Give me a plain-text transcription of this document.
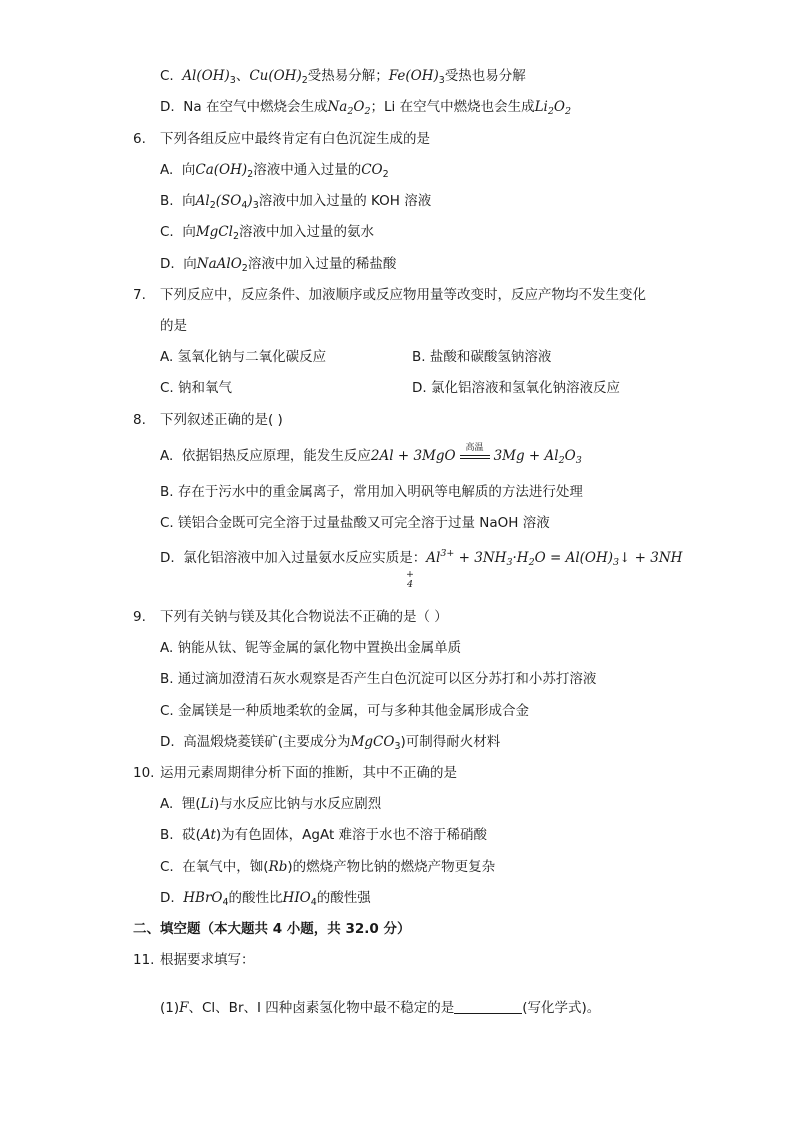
C. $Al(OH)_3$、$Cu(OH)_2$受热易分解；$Fe(OH)_3$受热也易分解
D. Na 在空气中燃烧会生成$Na_2O_2$；Li 在空气中燃烧也会生成$Li_2O_2$
6. 下列各组反应中最终肯定有白色沉淀生成的是
A. 向$Ca(OH)_2$溶液中通入过量的$CO_2$
B. 向$Al_2(SO_4)_3$溶液中加入过量的 KOH 溶液
C. 向MgCl$_2$溶液中加入过量的氨水
D. 向NaAlO$_2$溶液中加入过量的稀盐酸
7. 下列反应中，反应条件、加液顺序或反应物用量等改变时，反应产物均不发生变化
的是
A. 氢氧化钠与二氧化碳反应	B. 盐酸和碳酸氢钠溶液
C. 钠和氧气	D. 氯化铝溶液和氢氧化钠溶液反应
8. 下列叙述正确的是( )
A. 依据铝热反应原理，能发生反应2Al + 3MgO	高温 $3Mg + Al_2O_3$
B. 存在于污水中的重金属离子，常用加入明矾等电解质的方法进行处理
C. 镁铝合金既可完全溶于过量盐酸又可完全溶于过量 NaOH 溶液
D. 氯化铝溶液中加入过量氨水反应实质是：$Al^{3+} + 3NH_3\cdot H_2O$ = $Al(OH)_3↓ + 3NH$
+
4
9. 下列有关钠与镁及其化合物说法不正确的是（ ）
A. 钠能从钛、铌等金属的氯化物中置换出金属单质
B. 通过滴加澄清石灰水观察是否产生白色沉淀可以区分苏打和小苏打溶液
C. 金属镁是一种质地柔软的金属，可与多种其他金属形成合金
D. 高温煅烧菱镁矿(主要成分为MgCO$_3$)可制得耐火材料
10. 运用元素周期律分析下面的推断，其中不正确的是
A. 锂(Li)与水反应比钠与水反应剧烈
B. 砹(At)为有色固体，AgAt 难溶于水也不溶于稀硝酸
C. 在氧气中，铷(Rb)的燃烧产物比钠的燃烧产物更复杂
D. HBrO$_4$的酸性比$HIO_4$的酸性强
二、填空题（本大题共 4 小题，共 32.0 分）
11. 根据要求填写：
(1)F、Cl、Br、I 四种卤素氢化物中最不稳定的是	(写化学式)。
